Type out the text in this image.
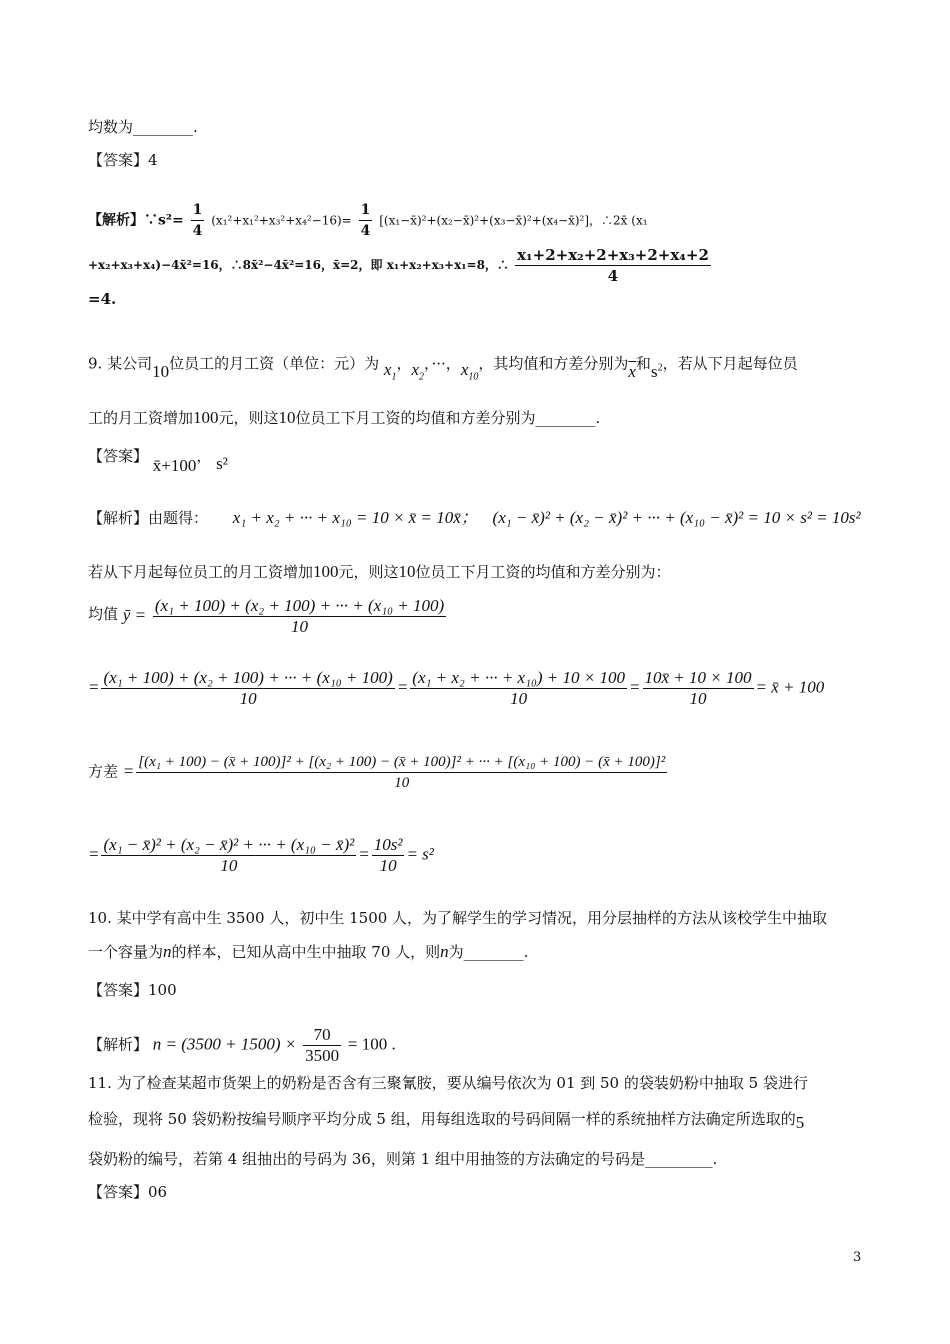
均数为________.
【答案】4
【解析】∵s²= $\frac{1}{4} (x_1^2+x_1^2+x_3^2+x_4^2-16)= \frac{1}{4}$ [(x₁−x̄)²+(x₂−x̄)²+(x₃−x̄)²+(x₄−x̄)²]，∴2x̄ (x₁
+x₂+x₃+x₄)−4x̄²=16，∴8x̄²−4x̄²=16，x̄=2，即 x₁+x₂+x₃+x₁=8，∴ $\frac{\text{x₁+2+x₂+2+x₃+2+x₄+2}}{4}$
=4.
9. 某公司10位员工的月工资（单位：元）为 $x_1$，$x_2$，···，$x_{10}$，其均值和方差分别为$\overline{x}$和$s^2$，若从下月起每位员
工的月工资增加100元，则这10位员工下月工资的均值和方差分别为________.
【答案】 x̄+100， s²
【解析】由题得： x₁ + x₂ + ··· + x₁₀ = 10 × x̄ = 10x̄； (x₁ − x̄)² + (x₂ − x̄)² + ··· + (x₁₀ − x̄)² = 10 × s² = 10s²
若从下月起每位员工的月工资增加100元，则这10位员工下月工资的均值和方差分别为：
均值 ȳ = $\frac{\text{(x₁ + 100) + (x₂ + 100) + ··· + (x₁₀ + 100)}}{10}$
= $\frac{\text{(x₁ + 100) + (x₂ + 100) + ··· + (x₁₀ + 100)}}{10} = \frac{\text{(x₁ + x₂ + ··· + x₁₀) + 10 × 100}}{10} = \frac{10x̄ + 10 \times 100}{10}$ = x̄ + 100
方差 = [(x₁ + 100) − (x̄ + 100)]² + [(x₂ + 100) − (x̄ + 100)]² + ··· + [(x₁₀ + 100) − (x̄ + 100)]²
10
= $\frac{\text{(x₁ − x̄)² + (x₂ − x̄)² + ··· + (x₁₀ − x̄)²}}{10} = \frac{\text{10s²}}{10} = s^2$
10. 某中学有高中生 3500 人，初中生 1500 人，为了解学生的学习情况，用分层抽样的方法从该校学生中抽取
一个容量为n的样本，已知从高中生中抽取 70 人，则n为________.
【答案】100
【解析】 $n = (3500 + 1500) \times \frac{70}{3500} = 100$ .
11. 为了检查某超市货架上的奶粉是否含有三聚氰胺，要从编号依次为 01 到 50 的袋装奶粉中抽取 5 袋进行
检验，现将 50 袋奶粉按编号顺序平均分成 5 组，用每组选取的号码间隔一样的系统抽样方法确定所选取的5
袋奶粉的编号，若第 4 组抽出的号码为 36，则第 1 组中用抽签的方法确定的号码是_________.
【答案】06
3
